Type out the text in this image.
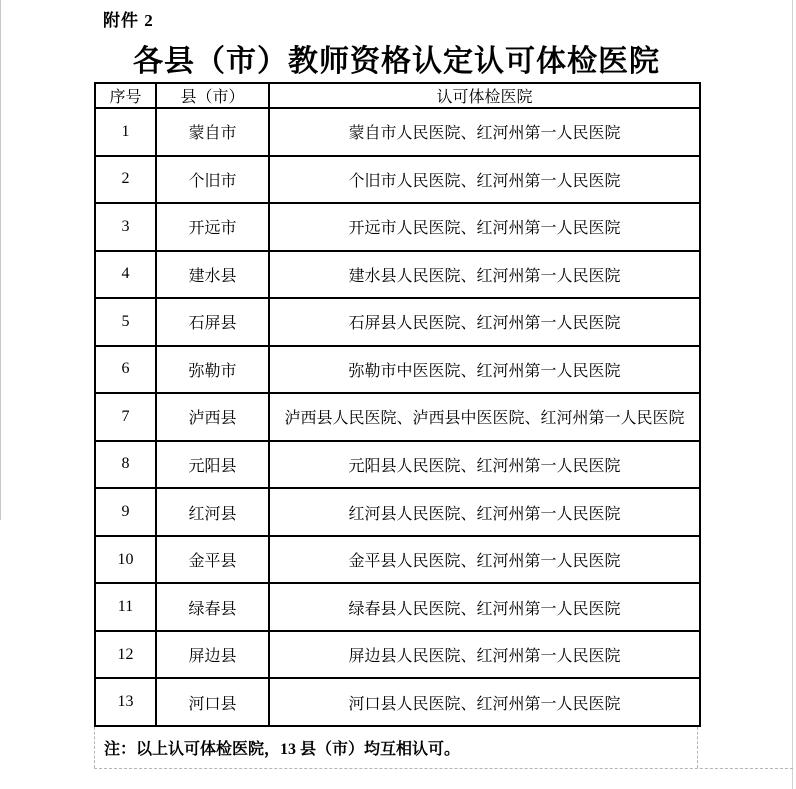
附件 2
各县（市）教师资格认定认可体检医院
序号	县（市）	认可体检医院
1	蒙自市	蒙自市人民医院、红河州第一人民医院
2	个旧市	个旧市人民医院、红河州第一人民医院
3	开远市	开远市人民医院、红河州第一人民医院
4	建水县	建水县人民医院、红河州第一人民医院
5	石屏县	石屏县人民医院、红河州第一人民医院
6	弥勒市	弥勒市中医医院、红河州第一人民医院
7	泸西县	泸西县人民医院、泸西县中医医院、红河州第一人民医院
8	元阳县	元阳县人民医院、红河州第一人民医院
9	红河县	红河县人民医院、红河州第一人民医院
10	金平县	金平县人民医院、红河州第一人民医院
11	绿春县	绿春县人民医院、红河州第一人民医院
12	屏边县	屏边县人民医院、红河州第一人民医院
13	河口县	河口县人民医院、红河州第一人民医院
注：以上认可体检医院，13 县（市）均互相认可。
